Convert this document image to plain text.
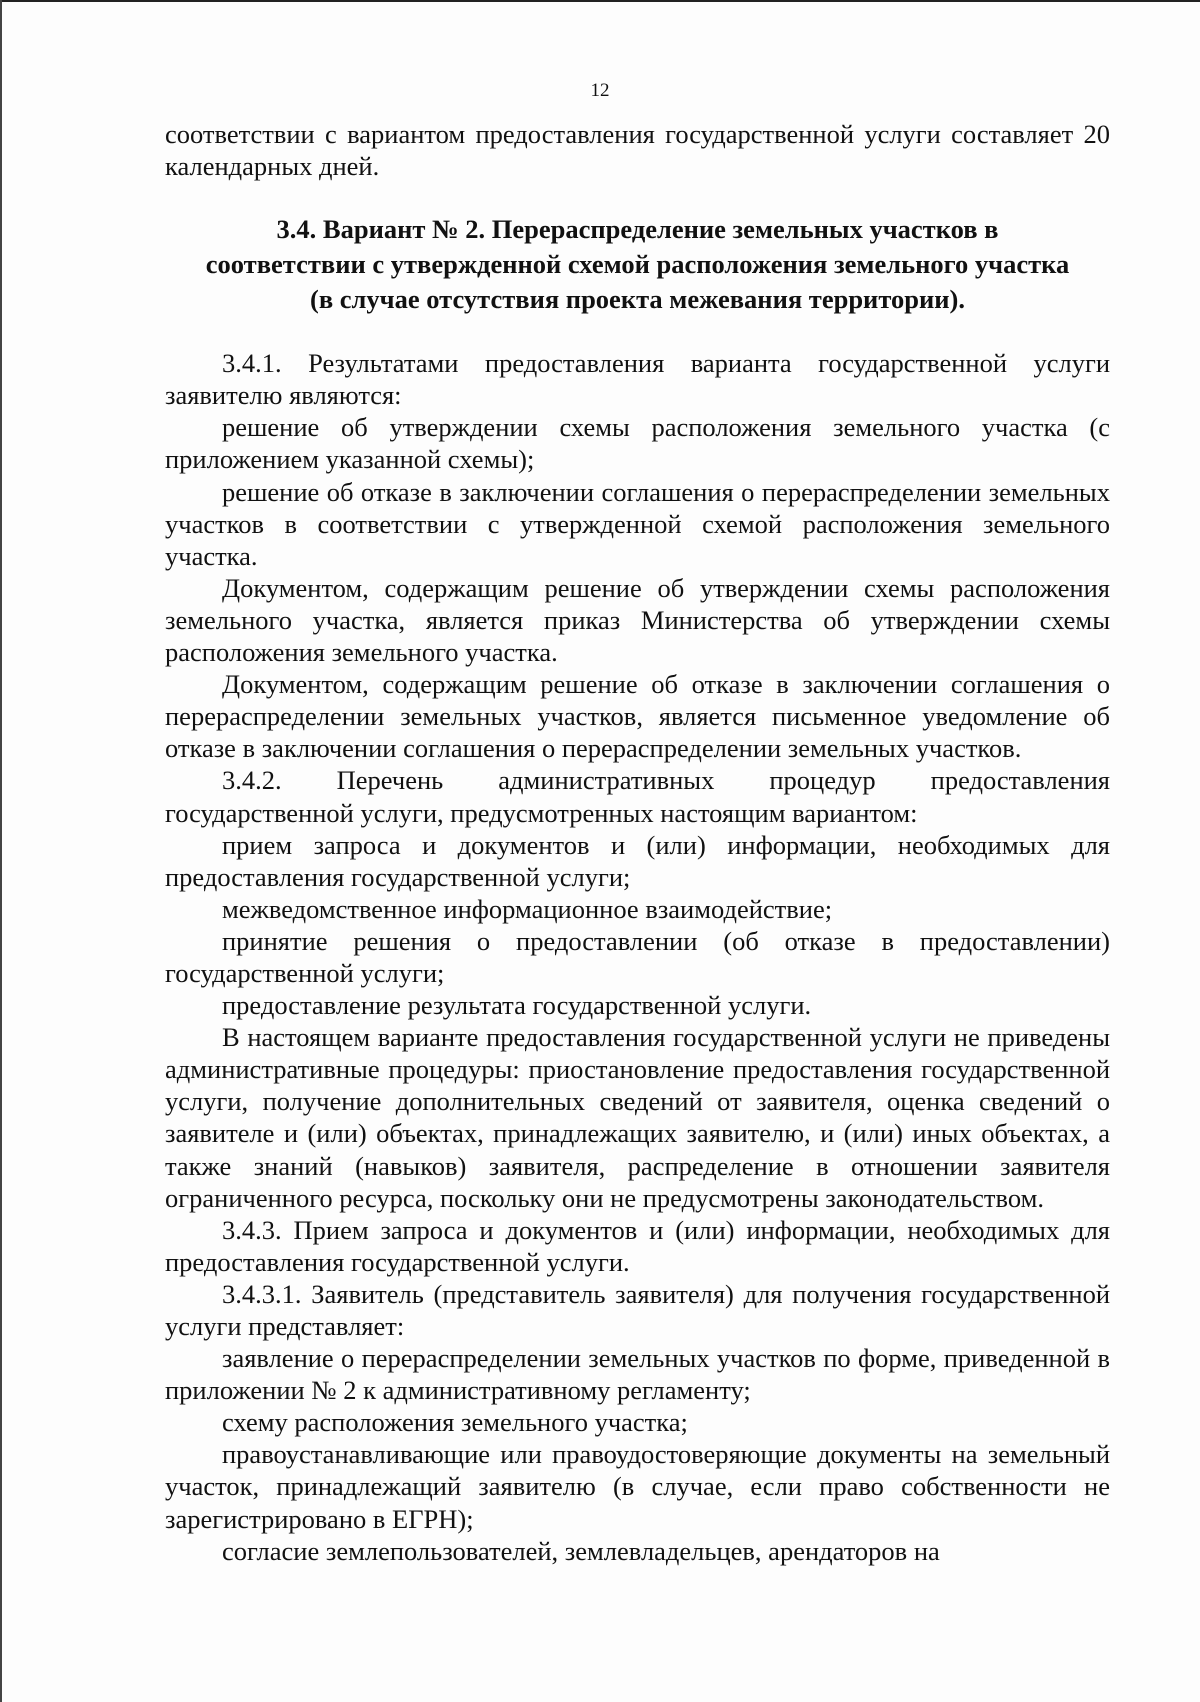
12

соответствии с вариантом предоставления государственной услуги составляет 20 календарных дней.

3.4. Вариант № 2. Перераспределение земельных участков в
соответствии с утвержденной схемой расположения земельного участка
(в случае отсутствия проекта межевания территории).

3.4.1. Результатами предоставления варианта государственной услуги заявителю являются:

решение об утверждении схемы расположения земельного участка (с приложением указанной схемы);

решение об отказе в заключении соглашения о перераспределении земельных участков в соответствии с утвержденной схемой расположения земельного участка.

Документом, содержащим решение об утверждении схемы расположения земельного участка, является приказ Министерства об утверждении схемы расположения земельного участка.

Документом, содержащим решение об отказе в заключении соглашения о перераспределении земельных участков, является письменное уведомление об отказе в заключении соглашения о перераспределении земельных участков.

3.4.2. Перечень административных процедур предоставления государственной услуги, предусмотренных настоящим вариантом:

прием запроса и документов и (или) информации, необходимых для предоставления государственной услуги;

межведомственное информационное взаимодействие;

принятие решения о предоставлении (об отказе в предоставлении) государственной услуги;

предоставление результата государственной услуги.

В настоящем варианте предоставления государственной услуги не приведены административные процедуры: приостановление предоставления государственной услуги, получение дополнительных сведений от заявителя, оценка сведений о заявителе и (или) объектах, принадлежащих заявителю, и (или) иных объектах, а также знаний (навыков) заявителя, распределение в отношении заявителя ограниченного ресурса, поскольку они не предусмотрены законодательством.

3.4.3. Прием запроса и документов и (или) информации, необходимых для предоставления государственной услуги.

3.4.3.1. Заявитель (представитель заявителя) для получения государственной услуги представляет:

заявление о перераспределении земельных участков по форме, приведенной в приложении № 2 к административному регламенту;

схему расположения земельного участка;

правоустанавливающие или правоудостоверяющие документы на земельный участок, принадлежащий заявителю (в случае, если право собственности не зарегистрировано в ЕГРН);

согласие землепользователей, землевладельцев, арендаторов на
